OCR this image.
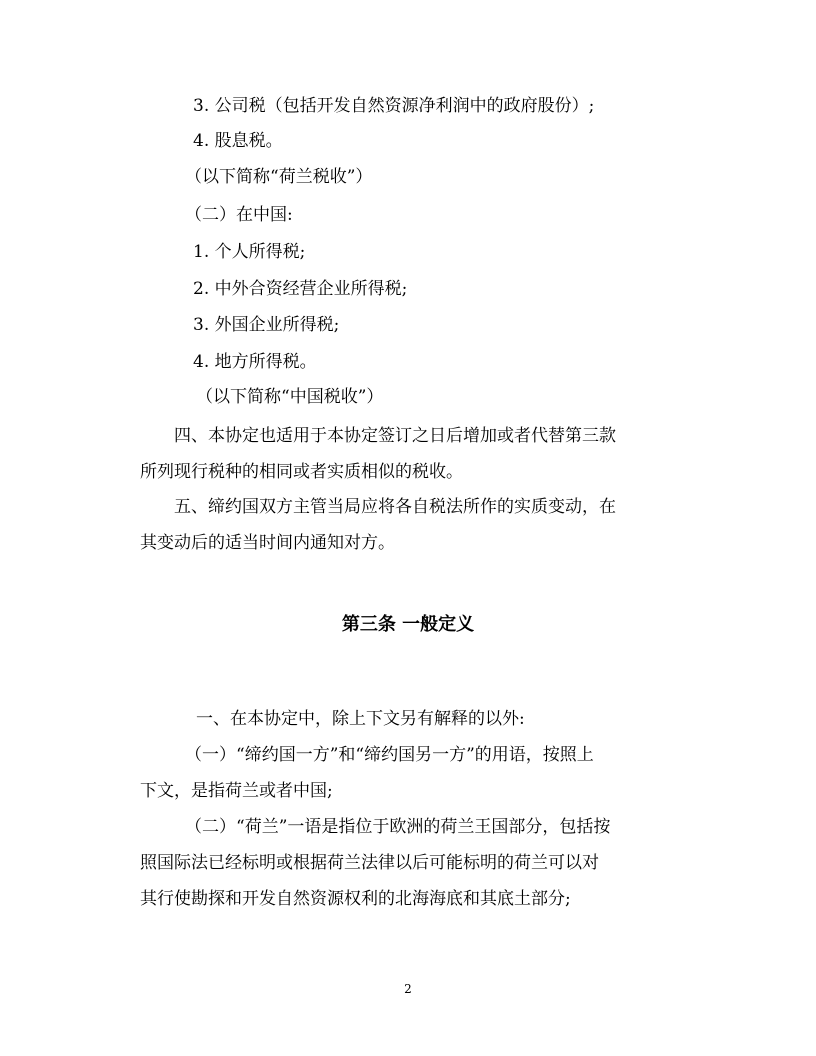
3. 公司税（包括开发自然资源净利润中的政府股份）;
4. 股息税。
（以下简称“荷兰税收”）
（二）在中国:
1. 个人所得税;
2. 中外合资经营企业所得税;
3. 外国企业所得税;
4. 地方所得税。
（以下简称“中国税收”）
四、本协定也适用于本协定签订之日后增加或者代替第三款
所列现行税种的相同或者实质相似的税收。
五、缔约国双方主管当局应将各自税法所作的实质变动，在
其变动后的适当时间内通知对方。
第三条 一般定义
一、在本协定中，除上下文另有解释的以外:
（一）“缔约国一方”和“缔约国另一方”的用语，按照上
下文，是指荷兰或者中国;
（二）“荷兰”一语是指位于欧洲的荷兰王国部分，包括按
照国际法已经标明或根据荷兰法律以后可能标明的荷兰可以对
其行使勘探和开发自然资源权利的北海海底和其底土部分;
2
